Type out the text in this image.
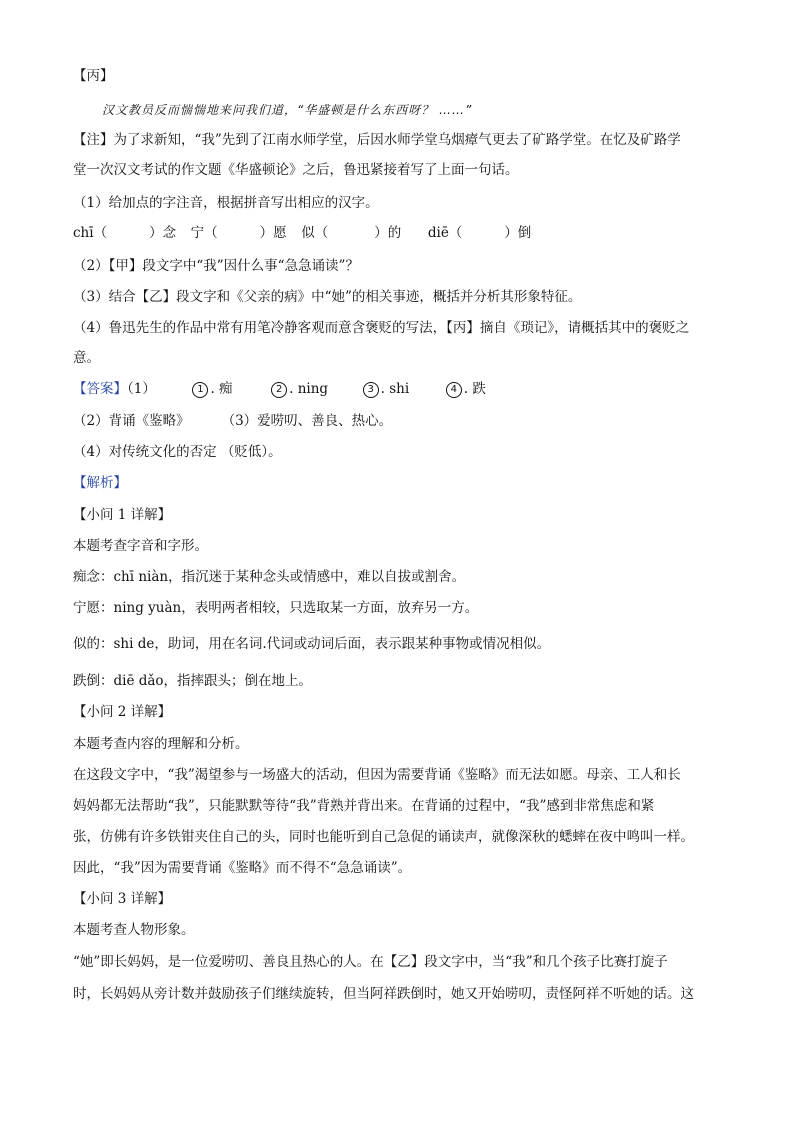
【丙】
汉文教员反而惴惴地来问我们道，“华盛顿是什么东西呀？ ……”
【注】为了求新知，“我”先到了江南水师学堂，后因水师学堂乌烟瘴气更去了矿路学堂。在忆及矿路学
堂一次汉文考试的作文题《华盛顿论》之后，鲁迅紧接着写了上面一句话。
（1）给加点的字注音，根据拼音写出相应的汉字。
chī（	）念 宁（	）愿 似（	）的 diē（	）倒
（2）【甲】段文字中“我”因什么事“急急诵读”？
（3）结合【乙】段文字和《父亲的病》中“她”的相关事迹，概括并分析其形象特征。
（4）鲁迅先生的作品中常有用笔冷静客观而意含褒贬的写法，【丙】摘自《琐记》，请概括其中的褒贬之
意。
【答案】（1）	1 . 痴	2 . ning	3 . shi	4 . 跌
（2）背诵《鉴略》 （3）爱唠叨、善良、热心。
（4）对传统文化的否定 （贬低）。
【解析】
【小问 1 详解】
本题考查字音和字形。
痴念：chī niàn，指沉迷于某种念头或情感中，难以自拔或割舍。
宁愿：ning yuàn，表明两者相较，只选取某一方面，放弃另一方。
似的：shi de，助词，用在名词.代词或动词后面，表示跟某种事物或情况相似。
跌倒：diē dǎo，指摔跟头；倒在地上。
【小问 2 详解】
本题考查内容的理解和分析。
在这段文字中，“我”渴望参与一场盛大的活动，但因为需要背诵《鉴略》而无法如愿。母亲、工人和长
妈妈都无法帮助“我”，只能默默等待“我”背熟并背出来。在背诵的过程中，“我”感到非常焦虑和紧
张，仿佛有许多铁钳夹住自己的头，同时也能听到自己急促的诵读声，就像深秋的蟋蟀在夜中鸣叫一样。
因此，“我”因为需要背诵《鉴略》而不得不“急急诵读”。
【小问 3 详解】
本题考查人物形象。
“她”即长妈妈，是一位爱唠叨、善良且热心的人。在【乙】段文字中，当“我”和几个孩子比赛打旋子
时，长妈妈从旁计数并鼓励孩子们继续旋转，但当阿祥跌倒时，她又开始唠叨，责怪阿祥不听她的话。这
